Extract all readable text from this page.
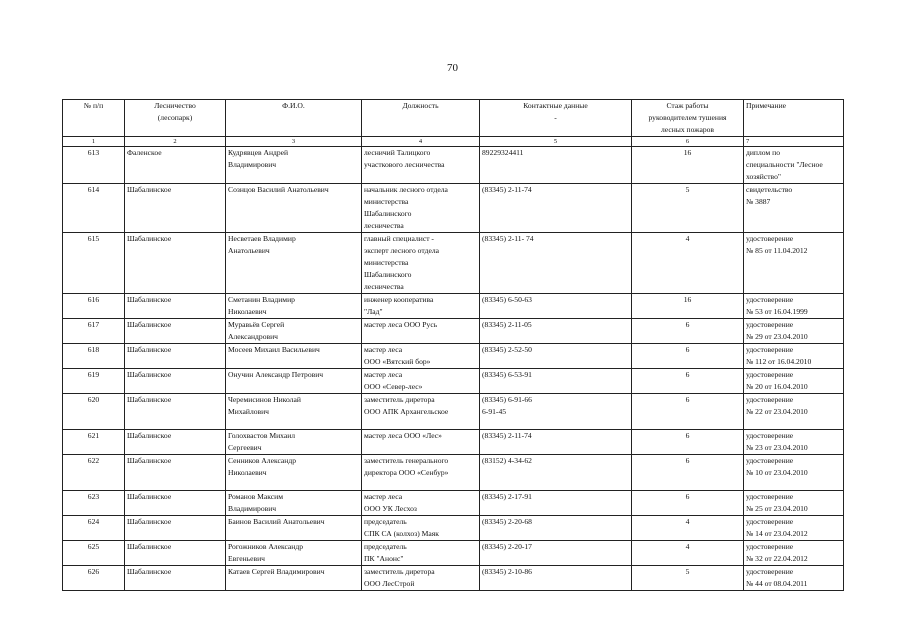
70
№ п/п	Лесничество
(лесопарк)	Ф.И.О.	Должность	Контактные данные
-	Стаж работы
руководителем тушения
лесных пожаров	Примечание
1	2	3	4	5	6	7
613	Фаленское	Кудрявцев Андрей
Владимирович	лесничий Талицкого
участкового лесничества	89229324411	16	диплом по
специальности "Лесное
хозяйство"
614	Шабалинское	Сознцов Василий Анатольевич	начальник лесного отдела
министерства
Шабалинского
лесничества	(83345) 2-11-74	5	свидетельство
№ 3887
615	Шабалинское	Несветаев Владимир
Анатольевич	главный специалист -
эксперт лесного отдела
министерства
Шабалинского
лесничества	(83345) 2-11- 74	4	удостоверение
№ 85 от 11.04.2012
616	Шабалинское	Сметанин Владимир
Николаевич	инженер кооператива
"Лад"	(83345) 6-50-63	16	удостоверение
№ 53 от 16.04.1999
617	Шабалинское	Муравьёв Сергей
Александрович	мастер леса ООО Русь	(83345) 2-11-05	6	удостоверение
№ 29 от 23.04.2010
618	Шабалинское	Мосеев Михаил Васильевич	мастер леса
ООО «Вятский бор»	(83345) 2-52-50	6	удостоверение
№ 112 от 16.04.2010
619	Шабалинское	Онучин Александр Петрович	мастер леса
ООО «Север-лес»	(83345) 6-53-91	6	удостоверение
№ 20 от 16.04.2010
620	Шабалинское	Черемисинов Николай
Михайлович	заместитель диретора
ООО АПК Архангельское	(83345) 6-91-66
6-91-45	6	удостоверение
№ 22 от 23.04.2010
621	Шабалинское	Голохвастов Михаил
Сергеевич	мастер леса ООО «Лес»	(83345) 2-11-74	6	удостоверение
№ 23 от 23.04.2010
622	Шабалинское	Сенников Александр
Николаевич	заместитель генерального
директора ООО «Сенбур»	(83152) 4-34-62	6	удостоверение
№ 10 от 23.04.2010
623	Шабалинское	Романов Максим
Владимирович	мастер леса
ООО УК Лесхоз	(83345) 2-17-91	6	удостоверение
№ 25 от 23.04.2010
624	Шабалинское	Баинов Василий Анатольевич	председатель
СПК СА (колхоз) Маяк	(83345) 2-20-68	4	удостоверение
№ 14 от 23.04.2012
625	Шабалинское	Рогожников Александр
Евгеньевич	председатель
ПК "Анонс"	(83345) 2-20-17	4	удостоверение
№ 32 от 22.04.2012
626	Шабалинское	Катаев Сергей Владимирович	заместитель диретора
ООО ЛесСтрой	(83345) 2-10-86	5	удостоверение
№ 44 от 08.04.2011
